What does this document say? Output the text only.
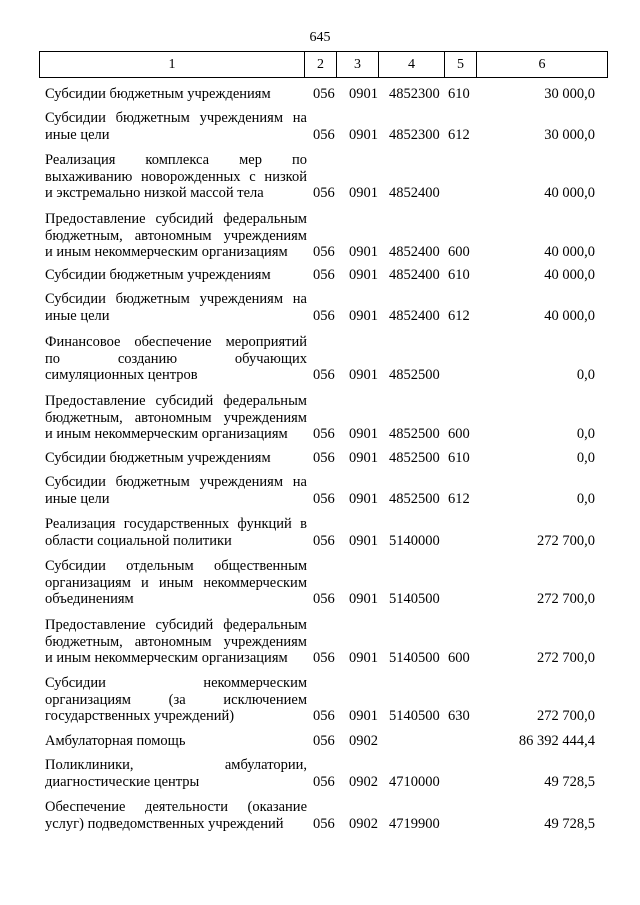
645
1	2	3	4	5	6
Субсидии бюджетным учреждениям	056 0901 4852300 610	30 000,0
Субсидии бюджетным учреждениям на
иные цели	056 0901 4852300 612	30 000,0
Реализация комплекса мер по
выхаживанию новорожденных с низкой
и экстремально низкой массой тела	056 0901 4852400	40 000,0
Предоставление субсидий федеральным
бюджетным, автономным учреждениям
и иным некоммерческим организациям	056 0901 4852400 600	40 000,0
Субсидии бюджетным учреждениям	056 0901 4852400 610	40 000,0
Субсидии бюджетным учреждениям на
иные цели	056 0901 4852400 612	40 000,0
Финансовое обеспечение мероприятий
по созданию обучающих
симуляционных центров	056 0901 4852500	0,0
Предоставление субсидий федеральным
бюджетным, автономным учреждениям
и иным некоммерческим организациям	056 0901 4852500 600	0,0
Субсидии бюджетным учреждениям	056 0901 4852500 610	0,0
Субсидии бюджетным учреждениям на
иные цели	056 0901 4852500 612	0,0
Реализация государственных функций в
области социальной политики	056 0901 5140000	272 700,0
Субсидии отдельным общественным
организациям и иным некоммерческим
объединениям	056 0901 5140500	272 700,0
Предоставление субсидий федеральным
бюджетным, автономным учреждениям
и иным некоммерческим организациям	056 0901 5140500 600	272 700,0
Субсидии некоммерческим
организациям (за исключением
государственных учреждений)	056 0901 5140500 630	272 700,0
Амбулаторная помощь	056 0902	86 392 444,4
Поликлиники, амбулатории,
диагностические центры	056 0902 4710000	49 728,5
Обеспечение деятельности (оказание
услуг) подведомственных учреждений	056 0902 4719900	49 728,5
